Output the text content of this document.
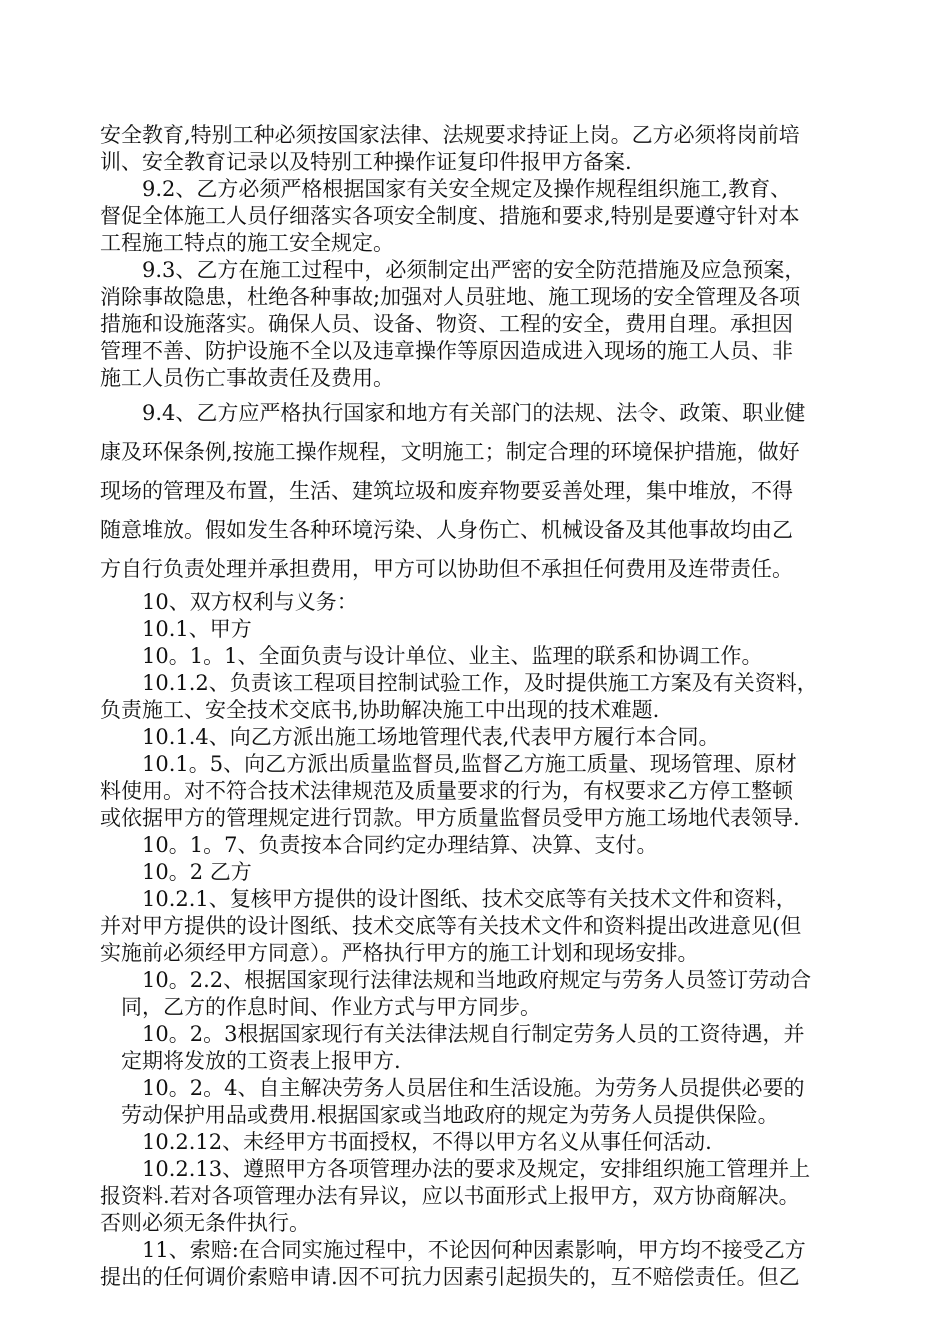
安全教育,特别工种必须按国家法律、法规要求持证上岗。乙方必须将岗前培
训、安全教育记录以及特别工种操作证复印件报甲方备案.
　　9.2、乙方必须严格根据国家有关安全规定及操作规程组织施工,教育、
督促全体施工人员仔细落实各项安全制度、措施和要求,特别是要遵守针对本
工程施工特点的施工安全规定。
　　9.3、乙方在施工过程中，必须制定出严密的安全防范措施及应急预案，
消除事故隐患，杜绝各种事故;加强对人员驻地、施工现场的安全管理及各项
措施和设施落实。确保人员、设备、物资、工程的安全，费用自理。承担因
管理不善、防护设施不全以及违章操作等原因造成进入现场的施工人员、非
施工人员伤亡事故责任及费用。
　　9.4、乙方应严格执行国家和地方有关部门的法规、法令、政策、职业健
康及环保条例,按施工操作规程，文明施工；制定合理的环境保护措施，做好
现场的管理及布置，生活、建筑垃圾和废弃物要妥善处理，集中堆放，不得
随意堆放。假如发生各种环境污染、人身伤亡、机械设备及其他事故均由乙
方自行负责处理并承担费用，甲方可以协助但不承担任何费用及连带责任。
　　10、双方权利与义务：
　　10.1、甲方
　　10。1。1、全面负责与设计单位、业主、监理的联系和协调工作。
　　10.1.2、负责该工程项目控制试验工作，及时提供施工方案及有关资料，
负责施工、安全技术交底书,协助解决施工中出现的技术难题.
　　10.1.4、向乙方派出施工场地管理代表,代表甲方履行本合同。
　　10.1。5、向乙方派出质量监督员,监督乙方施工质量、现场管理、原材
料使用。对不符合技术法律规范及质量要求的行为，有权要求乙方停工整顿
或依据甲方的管理规定进行罚款。甲方质量监督员受甲方施工场地代表领导.
　　10。1。7、负责按本合同约定办理结算、决算、支付。
　　10。2 乙方
　　10.2.1、复核甲方提供的设计图纸、技术交底等有关技术文件和资料，
并对甲方提供的设计图纸、技术交底等有关技术文件和资料提出改进意见(但
实施前必须经甲方同意）。严格执行甲方的施工计划和现场安排。
　　10。2.2、根据国家现行法律法规和当地政府规定与劳务人员签订劳动合
　同，乙方的作息时间、作业方式与甲方同步。
　　10。2。3根据国家现行有关法律法规自行制定劳务人员的工资待遇，并
　定期将发放的工资表上报甲方.
　　10。2。4、自主解决劳务人员居住和生活设施。为劳务人员提供必要的
　劳动保护用品或费用.根据国家或当地政府的规定为劳务人员提供保险。
　　10.2.12、未经甲方书面授权，不得以甲方名义从事任何活动.
　　10.2.13、遵照甲方各项管理办法的要求及规定，安排组织施工管理并上
报资料.若对各项管理办法有异议，应以书面形式上报甲方，双方协商解决。
否则必须无条件执行。
　　11、索赔:在合同实施过程中，不论因何种因素影响，甲方均不接受乙方
提出的任何调价索赔申请.因不可抗力因素引起损失的，互不赔偿责任。但乙
